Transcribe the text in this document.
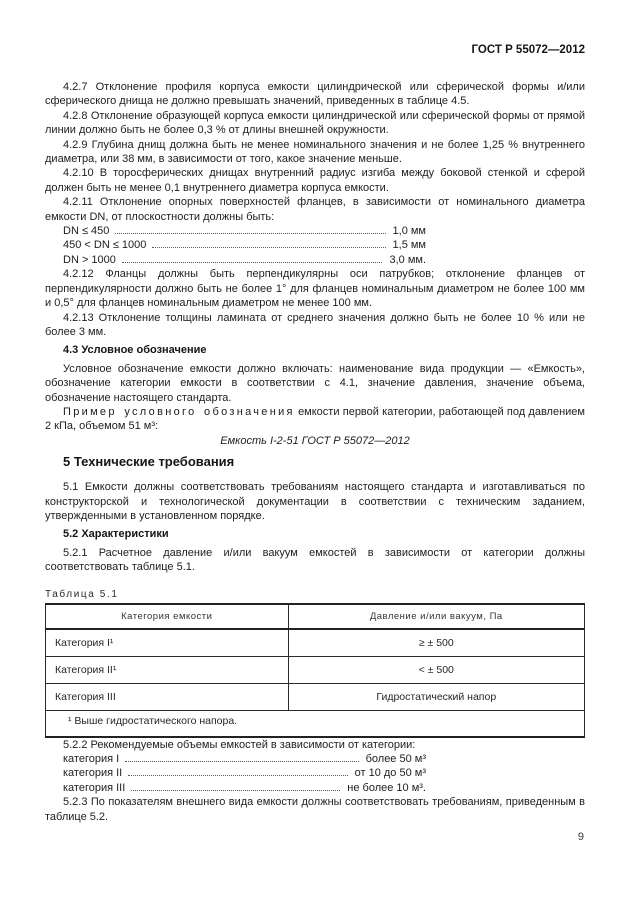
ГОСТ Р 55072—2012

4.2.7 Отклонение профиля корпуса емкости цилиндрической или сферической формы и/или сферического днища не должно превышать значений, приведенных в таблице 4.5.

4.2.8 Отклонение образующей корпуса емкости цилиндрической или сферической формы от прямой линии должно быть не более 0,3 % от длины внешней окружности.

4.2.9 Глубина днищ должна быть не менее номинального значения и не более 1,25 % внутреннего диаметра, или 38 мм, в зависимости от того, какое значение меньше.

4.2.10 В торосферических днищах внутренний радиус изгиба между боковой стенкой и сферой должен быть не менее 0,1 внутреннего диаметра корпуса емкости.

4.2.11 Отклонение опорных поверхностей фланцев, в зависимости от номинального диаметра емкости DN, от плоскостности должны быть:

DN ≤ 450	1,0 мм
450 < DN ≤ 1000	1,5 мм
DN > 1000	3,0 мм.

4.2.12 Фланцы должны быть перпендикулярны оси патрубков; отклонение фланцев от перпендикулярности должно быть не более 1° для фланцев номинальным диаметром не более 100 мм и 0,5° для фланцев номинальным диаметром не менее 100 мм.

4.2.13 Отклонение толщины ламината от среднего значения должно быть не более 10 % или не более 3 мм.

4.3 Условное обозначение

Условное обозначение емкости должно включать: наименование вида продукции — «Емкость», обозначение категории емкости в соответствии с 4.1, значение давления, значение объема, обозначение настоящего стандарта.

Пример условного обозначения емкости первой категории, работающей под давлением 2 кПа, объемом 51 м³:

Емкость I-2-51 ГОСТ Р 55072—2012

5 Технические требования

5.1 Емкости должны соответствовать требованиям настоящего стандарта и изготавливаться по конструкторской и технологической документации в соответствии с техническим заданием, утвержденными в установленном порядке.

5.2 Характеристики

5.2.1 Расчетное давление и/или вакуум емкостей в зависимости от категории должны соответствовать таблице 5.1.

Таблица 5.1

Категория емкости	Давление и/или вакуум, Па
Категория I¹	≥ ± 500
Категория II¹	< ± 500
Категория III	Гидростатический напор
¹ Выше гидростатического напора.	

5.2.2 Рекомендуемые объемы емкостей в зависимости от категории:

категория I	более 50 м³
категория II	от 10 до 50 м³
категория III	не более 10 м³.

5.2.3 По показателям внешнего вида емкости должны соответствовать требованиям, приведенным в таблице 5.2.

9
